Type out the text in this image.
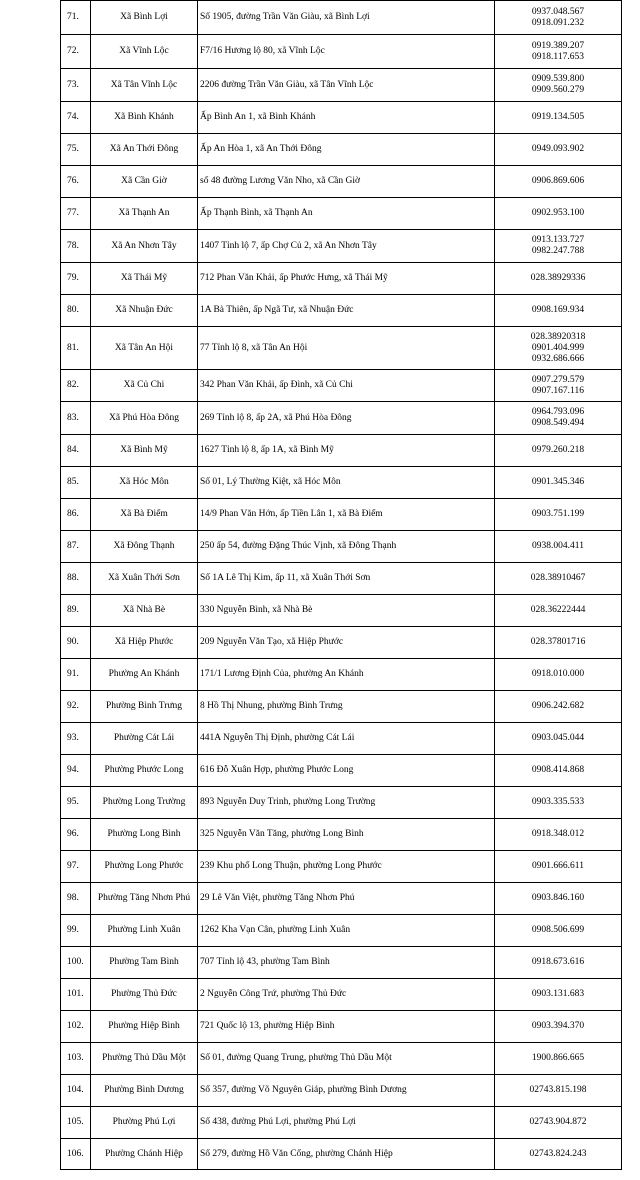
71.	Xã Bình Lợi	Số 1905, đường Trần Văn Giàu, xã Bình Lợi	0937.048.567
0918.091.232

72.	Xã Vĩnh Lộc	F7/16 Hương lộ 80, xã Vĩnh Lộc	0919.389.207
0918.117.653

73.	Xã Tân Vĩnh Lộc	2206 đường Trần Văn Giàu, xã Tân Vĩnh Lộc	0909.539.800
0909.560.279

74.	Xã Bình Khánh	Ấp Bình An 1, xã Bình Khánh	0919.134.505

75.	Xã An Thới Đông	Ấp An Hòa 1, xã An Thới Đông	0949.093.902

76.	Xã Cần Giờ	số 48 đường Lương Văn Nho, xã Cần Giờ	0906.869.606

77.	Xã Thạnh An	Ấp Thạnh Bình, xã Thạnh An	0902.953.100

78.	Xã An Nhơn Tây	1407 Tỉnh lộ 7, ấp Chợ Củ 2, xã An Nhơn Tây	0913.133.727
0982.247.788

79.	Xã Thái Mỹ	712 Phan Văn Khải, ấp Phước Hưng, xã Thái Mỹ	028.38929336

80.	Xã Nhuận Đức	1A Bà Thiên, ấp Ngã Tư, xã Nhuận Đức	0908.169.934

81.	Xã Tân An Hội	77 Tỉnh lộ 8, xã Tân An Hội	028.38920318
0901.404.999
0932.686.666

82.	Xã Củ Chi	342 Phan Văn Khải, ấp Đình, xã Củ Chi	0907.279.579
0907.167.116

83.	Xã Phú Hòa Đông	269 Tỉnh lộ 8, ấp 2A, xã Phú Hòa Đông	0964.793.096
0908.549.494

84.	Xã Bình Mỹ	1627 Tỉnh lộ 8, ấp 1A, xã Bình Mỹ	0979.260.218

85.	Xã Hóc Môn	Số 01, Lý Thường Kiệt, xã Hóc Môn	0901.345.346

86.	Xã Bà Điểm	14/9 Phan Văn Hớn, ấp Tiền Lân 1, xã Bà Điểm	0903.751.199

87.	Xã Đông Thạnh	250 ấp 54, đường Đặng Thúc Vịnh, xã Đông Thạnh	0938.004.411

88.	Xã Xuân Thới Sơn	Số 1A Lê Thị Kim, ấp 11, xã Xuân Thới Sơn	028.38910467

89.	Xã Nhà Bè	330 Nguyễn Bình, xã Nhà Bè	028.36222444

90.	Xã Hiệp Phước	209 Nguyễn Văn Tạo, xã Hiệp Phước	028.37801716

91.	Phường An Khánh	171/1 Lương Định Của, phường An Khánh	0918.010.000

92.	Phường Bình Trưng	8 Hồ Thị Nhung, phường Bình Trưng	0906.242.682

93.	Phường Cát Lái	441A Nguyễn Thị Định, phường Cát Lái	0903.045.044

94.	Phường Phước Long	616 Đỗ Xuân Hợp, phường Phước Long	0908.414.868

95.	Phường Long Trường	893 Nguyễn Duy Trinh, phường Long Trường	0903.335.533

96.	Phường Long Bình	325 Nguyễn Văn Tăng, phường Long Bình	0918.348.012

97.	Phường Long Phước	239 Khu phố Long Thuận, phường Long Phước	0901.666.611

98.	Phường Tăng Nhơn Phú	29 Lê Văn Việt, phường Tăng Nhơn Phú	0903.846.160

99.	Phường Linh Xuân	1262 Kha Vạn Cân, phường Linh Xuân	0908.506.699

100.	Phường Tam Bình	707 Tỉnh lộ 43, phường Tam Bình	0918.673.616

101.	Phường Thủ Đức	2 Nguyễn Công Trứ, phường Thủ Đức	0903.131.683

102.	Phường Hiệp Bình	721 Quốc lộ 13, phường Hiệp Bình	0903.394.370

103.	Phường Thủ Dầu Một	Số 01, đường Quang Trung, phường Thủ Dầu Một	1900.866.665

104.	Phường Bình Dương	Số 357, đường Võ Nguyên Giáp, phường Bình Dương	02743.815.198

105.	Phường Phú Lợi	Số 438, đường Phú Lợi, phường Phú Lợi	02743.904.872

106.	Phường Chánh Hiệp	Số 279, đường Hồ Văn Cống, phường Chánh Hiệp	02743.824.243
